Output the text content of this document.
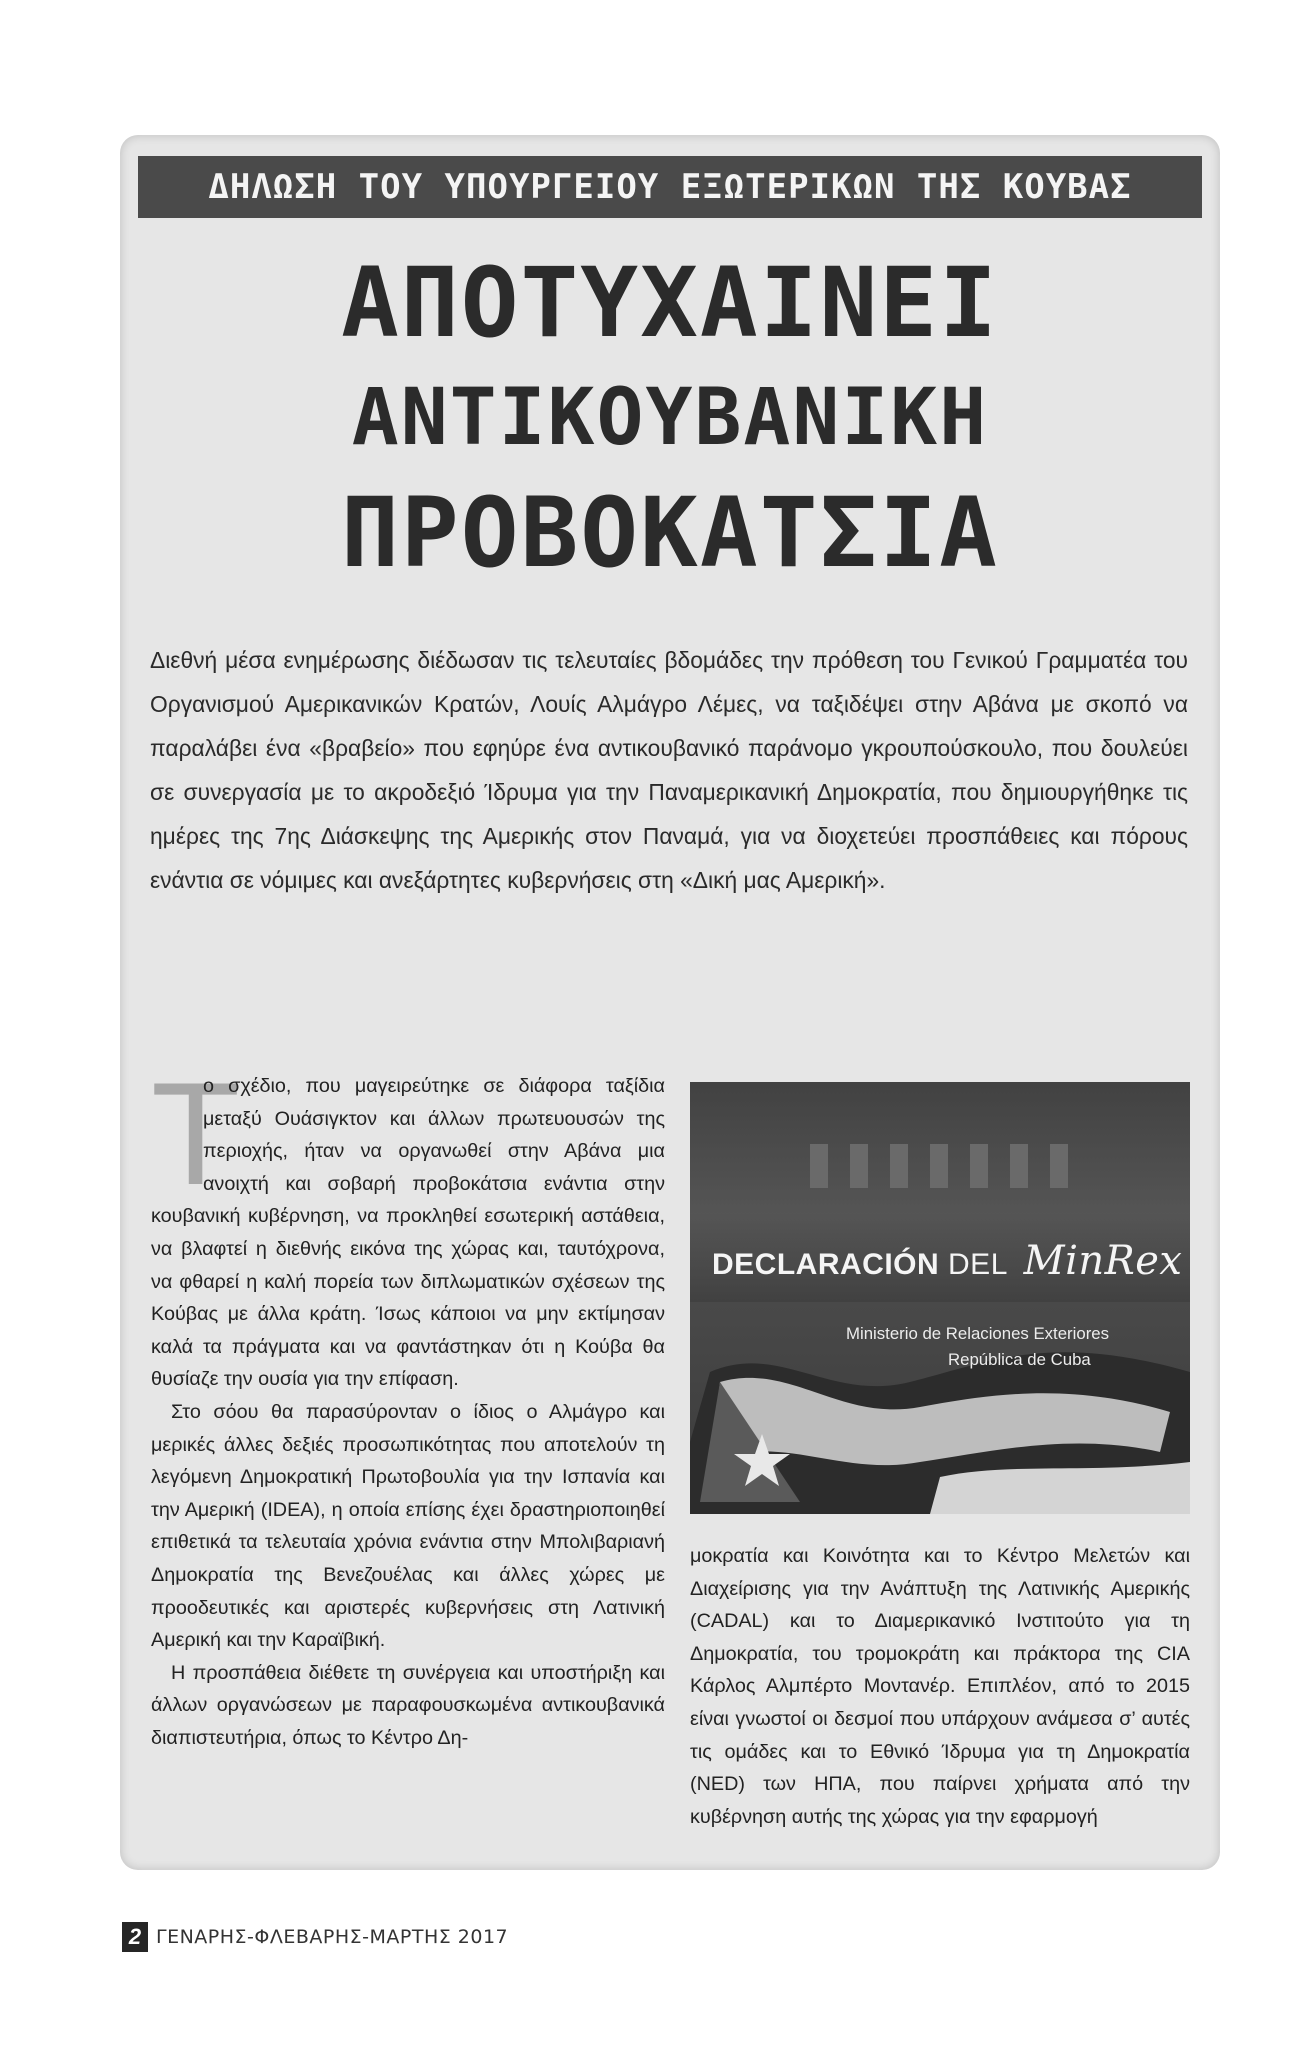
ΔΗΛΩΣΗ ΤΟΥ ΥΠΟΥΡΓΕΙΟΥ ΕΞΩΤΕΡΙΚΩΝ ΤΗΣ ΚΟΥΒΑΣ
ΑΠΟΤΥΧΑΙΝΕΙ
ΑΝΤΙΚΟΥΒΑΝΙΚΗ
ΠΡΟΒΟΚΑΤΣΙΑ
Διεθνή μέσα ενημέρωσης διέδωσαν τις τελευταίες βδομάδες την πρόθεση του Γενικού Γραμματέα του Οργανισμού Αμερικανικών Κρατών, Λουίς Αλμάγρο Λέμες, να ταξιδέψει στην Αβάνα με σκοπό να παραλάβει ένα «βραβείο» που εφηύρε ένα αντικουβανικό παράνομο γκρουπούσκουλο, που δουλεύει σε συνεργασία με το ακροδεξιό Ίδρυμα για την Παναμερικανική Δημοκρατία, που δημιουργήθηκε τις ημέρες της 7ης Διάσκεψης της Αμερικής στον Παναμά, για να διοχετεύει προσπάθειες και πόρους ενάντια σε νόμιμες και ανεξάρτητες κυβερνήσεις στη «Δική μας Αμερική».
Τ

ο σχέδιο, που μαγειρεύτηκε σε διάφορα ταξίδια μεταξύ Ουάσιγκτον και άλλων πρωτευουσών της περιοχής, ήταν να οργανωθεί στην Αβάνα μια ανοιχτή και σοβαρή προβοκάτσια ενάντια στην κουβανική κυβέρνηση, να προκληθεί εσωτερική αστάθεια, να βλαφτεί η διεθνής εικόνα της χώρας και, ταυτόχρονα, να φθαρεί η καλή πορεία των διπλωματικών σχέσεων της Κούβας με άλλα κράτη. Ίσως κάποιοι να μην εκτίμησαν καλά τα πράγματα και να φαντάστηκαν ότι η Κούβα θα θυσίαζε την ουσία για την επίφαση.

Στο σόου θα παρασύρονταν ο ίδιος ο Αλμάγρο και μερικές άλλες δεξιές προσωπικότητας που αποτελούν τη λεγόμενη Δημοκρατική Πρωτοβουλία για την Ισπανία και την Αμερική (IDEA), η οποία επίσης έχει δραστηριοποιηθεί επιθετικά τα τελευταία χρόνια ενάντια στην Μπολιβαριανή Δημοκρατία της Βενεζουέλας και άλλες χώρες με προοδευτικές και αριστερές κυβερνήσεις στη Λατινική Αμερική και την Καραϊβική.

Η προσπάθεια διέθετε τη συνέργεια και υποστήριξη και άλλων οργανώσεων με παραφουσκωμένα αντικουβανικά διαπιστευτήρια, όπως το Κέντρο Δη-

DECLARACIÓN DEL MinRex
Ministerio de Relaciones Exteriores
República de Cuba

μοκρατία και Κοινότητα και το Κέντρο Μελετών και Διαχείρισης για την Ανάπτυξη της Λατινικής Αμερικής (CADAL) και το Διαμερικανικό Ινστιτούτο για τη Δημοκρατία, του τρομοκράτη και πράκτορα της CIA Κάρλος Αλμπέρτο Μοντανέρ. Επιπλέον, από το 2015 είναι γνωστοί οι δεσμοί που υπάρχουν ανάμεσα σ’ αυτές τις ομάδες και το Εθνικό Ίδρυμα για τη Δημοκρατία (NED) των ΗΠΑ, που παίρνει χρήματα από την κυβέρνηση αυτής της χώρας για την εφαρμογή

2 ΓΕΝΑΡΗΣ-ΦΛΕΒΑΡΗΣ-ΜΑΡΤΗΣ 2017
